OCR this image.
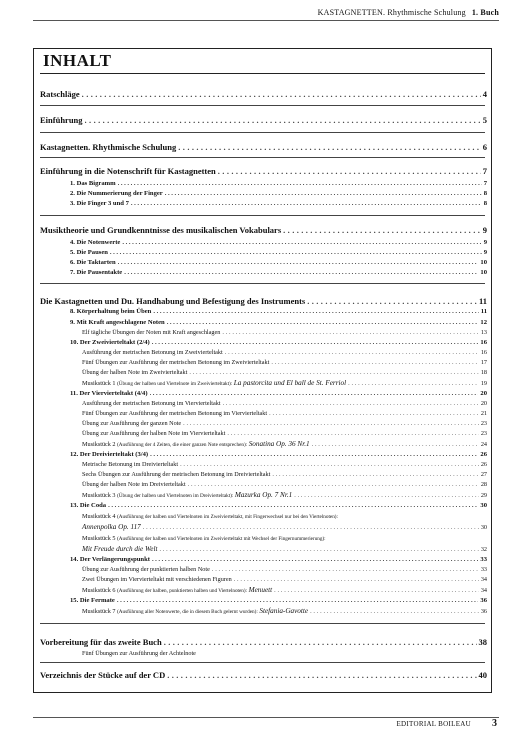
KASTAGNETTEN. Rhythmische Schulung 1. Buch
INHALT
Ratschläge .....	4
Einführung .....	5
Kastagnetten. Rhythmische Schulung .....	6
Einführung in die Notenschrift für Kastagnetten .....	7
1. Das Bigramm .....	7
2. Die Nummerierung der Finger .....	8
3. Die Finger 3 und 7 .....	8
Musiktheorie und Grundkenntnisse des musikalischen Vokabulars .....	9
4. Die Notenwerte .....	9
5. Die Pausen .....	9
6. Die Taktarten .....	10
7. Die Pausentakte .....	10
Die Kastagnetten und Du. Handhabung und Befestigung des Instruments .....	11
8. Körperhaltung beim Üben .....	11
9. Mit Kraft angeschlagene Noten .....	12
Elf tägliche Übungen der Noten mit Kraft angeschlagen .....	13
10. Der Zweivierteltakt (2/4) .....	16
Ausführung der metrischen Betonung im Zweivierteltakt .....	16
Fünf Übungen zur Ausführung der metrischen Betonung im Zweivierteltakt .....	17
Übung der halben Note im Zweivierteltakt .....	18
Musikstück 1 (Übung der halben und Viertelnote im Zweivierteltakt): La pastorcita und El ball de St. Ferriol .....	19
11. Der Viervierteltakt (4/4) .....	20
Ausführung der metrischen Betonung im Viervierteltakt .....	20
Fünf Übungen zur Ausführung der metrischen Betonung im Viervierteltakt .....	21
Übung zur Ausführung der ganzen Note .....	23
Übung zur Ausführung der halben Note im Viervierteltakt .....	23
Musikstück 2 (Ausführung der 4 Zeiten, die einer ganzen Note entsprechen): Sonatina Op. 36 Nr.1 .....	24
12. Der Dreivierteltakt (3/4) .....	26
Metrische Betonung im Dreivierteltakt .....	26
Sechs Übungen zur Ausführung der metrischen Betonung im Dreivierteltakt .....	27
Übung der halben Note im Dreivierteltakt .....	28
Musikstück 3 (Übung der halben und Viertelnoten im Dreivierteltakt): Mazurka Op. 7 Nr.1 .....	29
13. Die Coda .....	30
Musikstück 4 (Ausführung der halben und Viertelnoten im Zweivierteltakt, mit Fingerwechsel nur bei den Viertelnoten):
Annenpolka Op. 117 .....	30
Musikstück 5 (Ausführung der halben und Viertelnoten im Zweivierteltakt mit Wechsel der Fingernummerierung):
Mit Freude durch die Welt .....	32
14. Der Verlängerungspunkt .....	33
Übung zur Ausführung der punktierten halben Note .....	33
Zwei Übungen im Viervierteltakt mit verschiedenen Figuren .....	34
Musikstück 6 (Ausführung der halben, punktierten halben und Viertelnoten): Menuett .....	34
15. Die Fermate .....	36
Musikstück 7 (Ausführung aller Notenwerte, die in diesem Buch gelernt wurden): Stefania-Gavotte .....	36
Vorbereitung für das zweite Buch .....	38
Fünf Übungen zur Ausführung der Achtelnote
Verzeichnis der Stücke auf der CD .....	40
EDITORIAL BOILEAU 3
